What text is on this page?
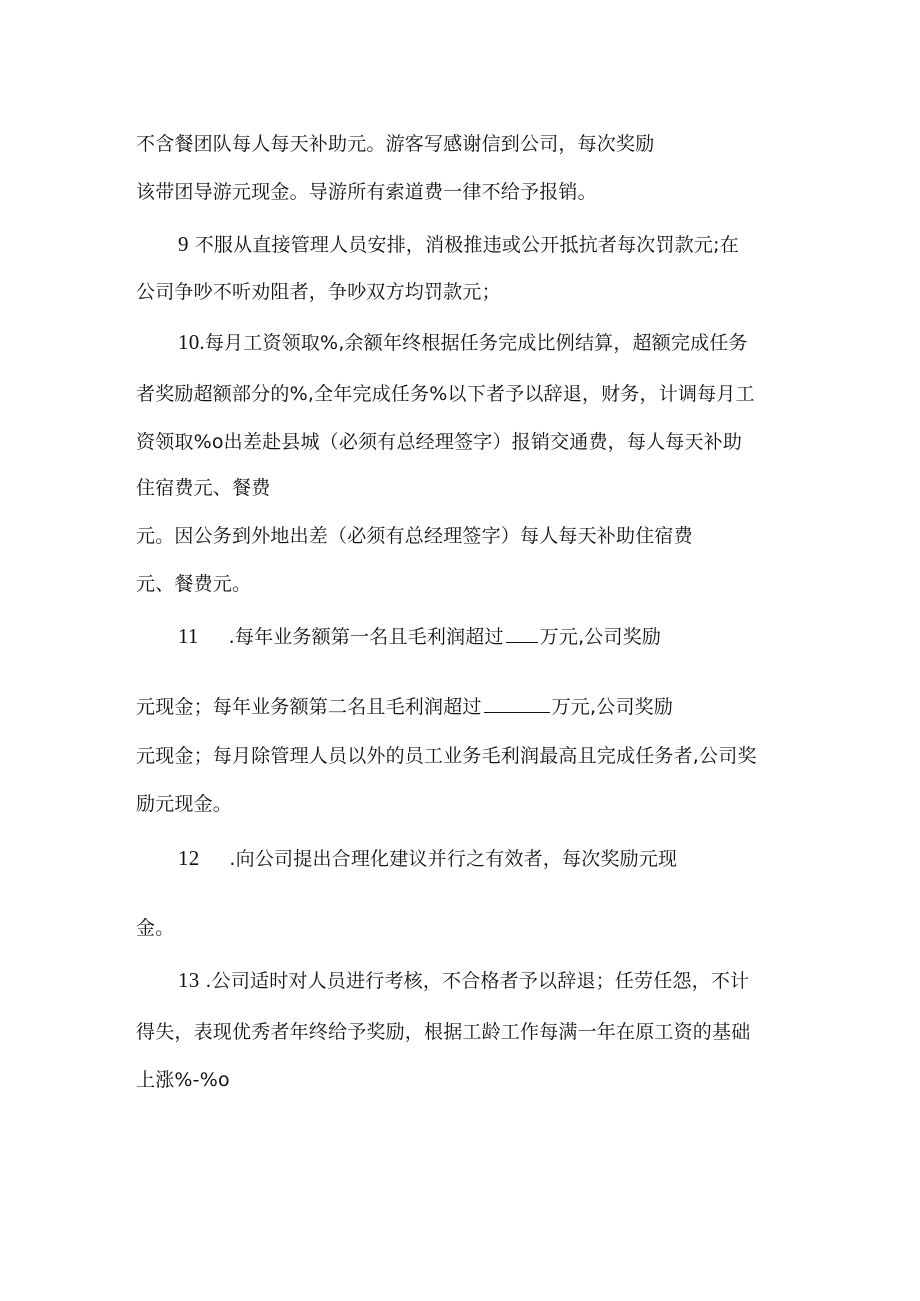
不含餐团队每人每天补助元。游客写感谢信到公司，每次奖励
该带团导游元现金。导游所有索道费一律不给予报销。
9 不服从直接管理人员安排，消极推违或公开抵抗者每次罚款元;在
公司争吵不听劝阻者，争吵双方均罚款元；
10.每月工资领取%,余额年终根据任务完成比例结算，超额完成任务
者奖励超额部分的%,全年完成任务%以下者予以辞退，财务，计调每月工
资领取%o出差赴县城（必须有总经理签字）报销交通费，每人每天补助
住宿费元、餐费
元。因公务到外地出差（必须有总经理签字）每人每天补助住宿费
元、餐费元。
11 .每年业务额第一名且毛利润超过 万元,公司奖励
元现金；每年业务额第二名且毛利润超过	万元,公司奖励
元现金；每月除管理人员以外的员工业务毛利润最高且完成任务者,公司奖
励元现金。
12 .向公司提出合理化建议并行之有效者，每次奖励元现
金。
13 .公司适时对人员进行考核，不合格者予以辞退；任劳任怨，不计
得失，表现优秀者年终给予奖励，根据工龄工作每满一年在原工资的基础
上涨%-%o
